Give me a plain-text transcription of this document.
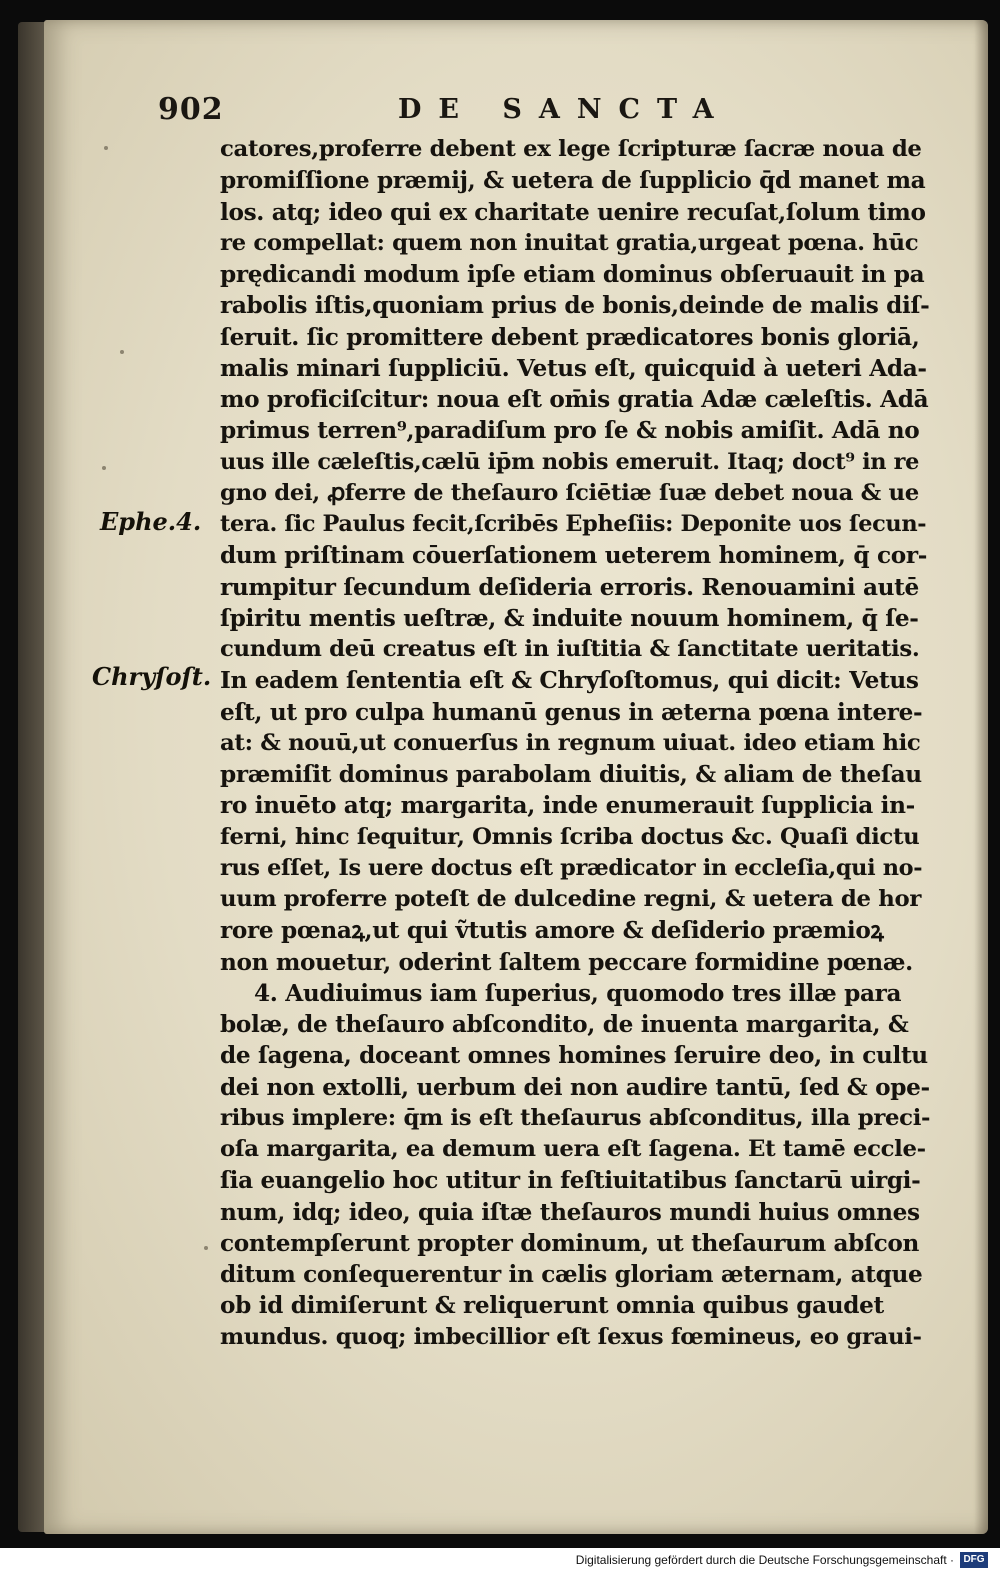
902	DE SANCTA
Ephe.4.
Chryſoſt.
catores,proferre debent ex lege ſcripturæ ſacræ noua de
promiſſione præmij, & uetera de ſupplicio q̄d manet ma
los. atq; ideo qui ex charitate uenire recuſat,ſolum timo
re compellat: quem non inuitat gratia,urgeat pœna. hūc
prędicandi modum ipſe etiam dominus obſeruauit in pa
rabolis iſtis,quoniam prius de bonis,deinde de malis diſ-
ſeruit. ſic promittere debent prædicatores bonis gloriā,
malis minari ſuppliciū. Vetus eſt, quicquid à ueteri Ada-
mo proficiſcitur: noua eſt om̄is gratia Adæ cæleſtis. Adā
primus terren⁹,paradiſum pro ſe & nobis amiſit. Adā no
uus ille cæleſtis,cælū ip̄m nobis emeruit. Itaq; doct⁹ in re
gno dei, ꝓferre de theſauro ſciētiæ ſuæ debet noua & ue
tera. ſic Paulus fecit,ſcribēs Epheſiis: Deponite uos ſecun-
dum priſtinam cōuerſationem ueterem hominem, q̄ cor-
rumpitur ſecundum deſideria erroris. Renouamini autē
ſpiritu mentis ueſtræ, & induite nouum hominem, q̄ ſe-
cundum deū creatus eſt in iuſtitia & ſanctitate ueritatis.
In eadem ſententia eſt & Chryſoſtomus, qui dicit: Vetus
eſt, ut pro culpa humanū genus in æterna pœna intere-
at: & nouū,ut conuerſus in regnum uiuat. ideo etiam hic
præmiſit dominus parabolam diuitis, & aliam de theſau
ro inuēto atq; margarita, inde enumerauit ſupplicia in-
ferni, hinc ſequitur, Omnis ſcriba doctus &c. Quaſi dictu
rus eſſet, Is uere doctus eſt prædicator in eccleſia,qui no-
uum proferre poteſt de dulcedine regni, & uetera de hor
rore pœnaꝝ,ut qui ṽtutis amore & deſiderio præmioꝝ
non mouetur, oderint ſaltem peccare formidine pœnæ.
4. Audiuimus iam ſuperius, quomodo tres illæ para
bolæ, de theſauro abſcondito, de inuenta margarita, &
de ſagena, doceant omnes homines ſeruire deo, in cultu
dei non extolli, uerbum dei non audire tantū, ſed & ope-
ribus implere: q̄m is eſt theſaurus abſconditus, illa preci-
oſa margarita, ea demum uera eſt ſagena. Et tamē eccle-
ſia euangelio hoc utitur in feſtiuitatibus ſanctarū uirgi-
num, idq; ideo, quia iſtæ theſauros mundi huius omnes
contempſerunt propter dominum, ut theſaurum abſcon
ditum conſequerentur in cælis gloriam æternam, atque
ob id dimiſerunt & reliquerunt omnia quibus gaudet
mundus. quoq; imbecillior eſt ſexus fœmineus, eo graui-
Digitalisierung gefördert durch die Deutsche Forschungsgemeinschaft · DFG
